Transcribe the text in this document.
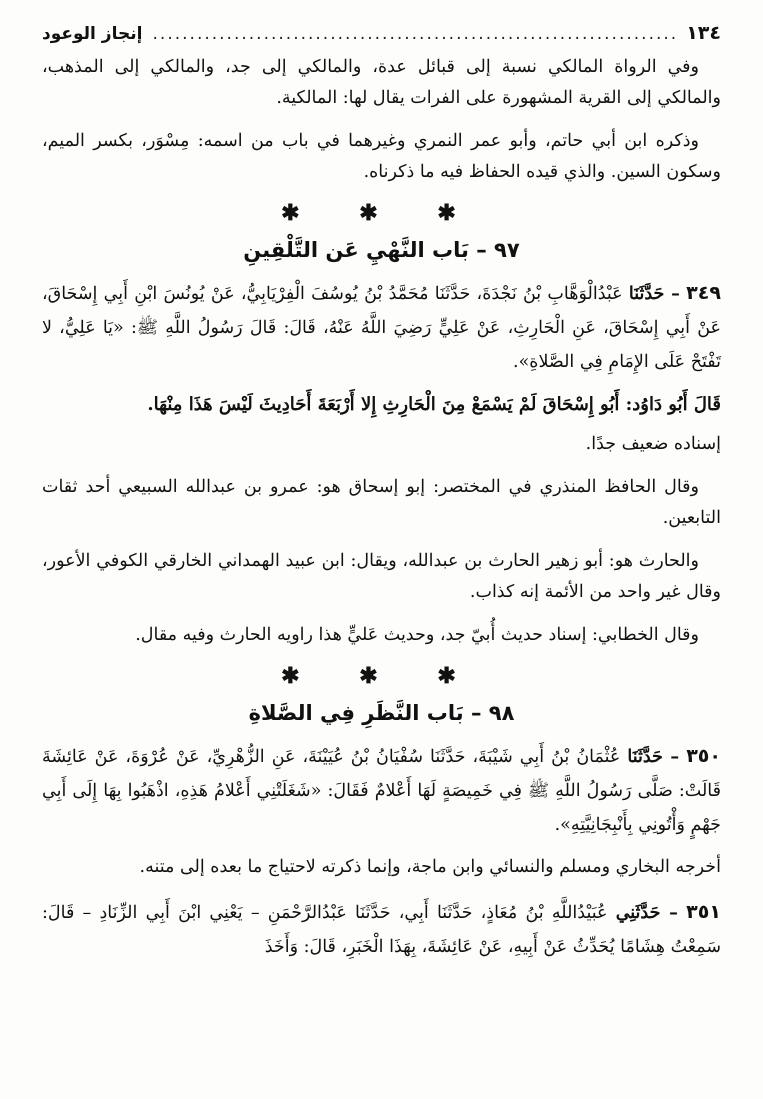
١٣٤
.....
إنجاز الوعود

وفي الرواة المالكي نسبة إلى قبائل عدة، والمالكي إلى جد، والمالكي إلى المذهب، والمالكي إلى القرية المشهورة على الفرات يقال لها: المالكية.

وذكره ابن أبي حاتم، وأبو عمر النمري وغيرهما في باب من اسمه: مِسْوَر، بكسر الميم، وسكون السين. والذي قيده الحفاظ فيه ما ذكرناه.

✱ ✱ ✱
٩٧ – بَاب النَّهْيِ عَن التَّلْقِينِ

٣٤٩ – حَدَّثَنَا عَبْدُالْوَهَّابِ بْنُ نَجْدَةَ، حَدَّثَنَا مُحَمَّدُ بْنُ يُوسُفَ الْفِرْيَابِيُّ، عَنْ يُونُسَ ابْنِ أَبِي إِسْحَاقَ، عَنْ أَبِي إِسْحَاقَ، عَنِ الْحَارِثِ، عَنْ عَلِيٍّ رَضِيَ اللَّهُ عَنْهُ، قَالَ: قَالَ رَسُولُ اللَّهِ ﷺ: «يَا عَلِيُّ، لا تَفْتَحْ عَلَى الإِمَامِ فِي الصَّلاةِ».

قَالَ أَبُو دَاوُد: أَبُو إِسْحَاقَ لَمْ يَسْمَعْ مِنَ الْحَارِثِ إِلا أَرْبَعَةَ أَحَادِيثَ لَيْسَ هَذَا مِنْهَا.

إسناده ضعيف جدًا.

وقال الحافظ المنذري في المختصر: إبو إسحاق هو: عمرو بن عبدالله السبيعي أحد ثقات التابعين.

والحارث هو: أبو زهير الحارث بن عبدالله، ويقال: ابن عبيد الهمداني الخارقي الكوفي الأعور، وقال غير واحد من الأئمة إنه كذاب.

وقال الخطابي: إسناد حديث أُبيّ جد، وحديث عَليٍّ هذا راويه الحارث وفيه مقال.

✱ ✱ ✱
٩٨ – بَاب النَّظَرِ فِي الصَّلاةِ

٣٥٠ – حَدَّثَنَا عُثْمَانُ بْنُ أَبِي شَيْبَةَ، حَدَّثَنَا سُفْيَانُ بْنُ عُيَيْنَةَ، عَنِ الزُّهْرِيِّ، عَنْ عُرْوَةَ، عَنْ عَائِشَةَ قَالَتْ: صَلَّى رَسُولُ اللَّهِ ﷺ فِي خَمِيصَةٍ لَهَا أَعْلامٌ فَقَالَ: «شَغَلَتْنِي أَعْلامُ هَذِهِ، اذْهَبُوا بِهَا إِلَى أَبِي جَهْمٍ وَأْتُونِي بِأَنْبِجَانِيَّتِهِ».

أخرجه البخاري ومسلم والنسائي وابن ماجة، وإنما ذكرته لاحتياج ما بعده إلى متنه.

٣٥١ – حَدَّثَنِي عُبَيْدُاللَّهِ بْنُ مُعَاذٍ، حَدَّثَنَا أَبِي، حَدَّثَنَا عَبْدُالرَّحْمَنِ – يَعْنِي ابْنَ أَبِي الزِّنَادِ – قَالَ: سَمِعْتُ هِشَامًا يُحَدِّثُ عَنْ أَبِيهِ، عَنْ عَائِشَةَ، بِهَذَا الْخَبَرِ، قَالَ: وَأَخَذَ
